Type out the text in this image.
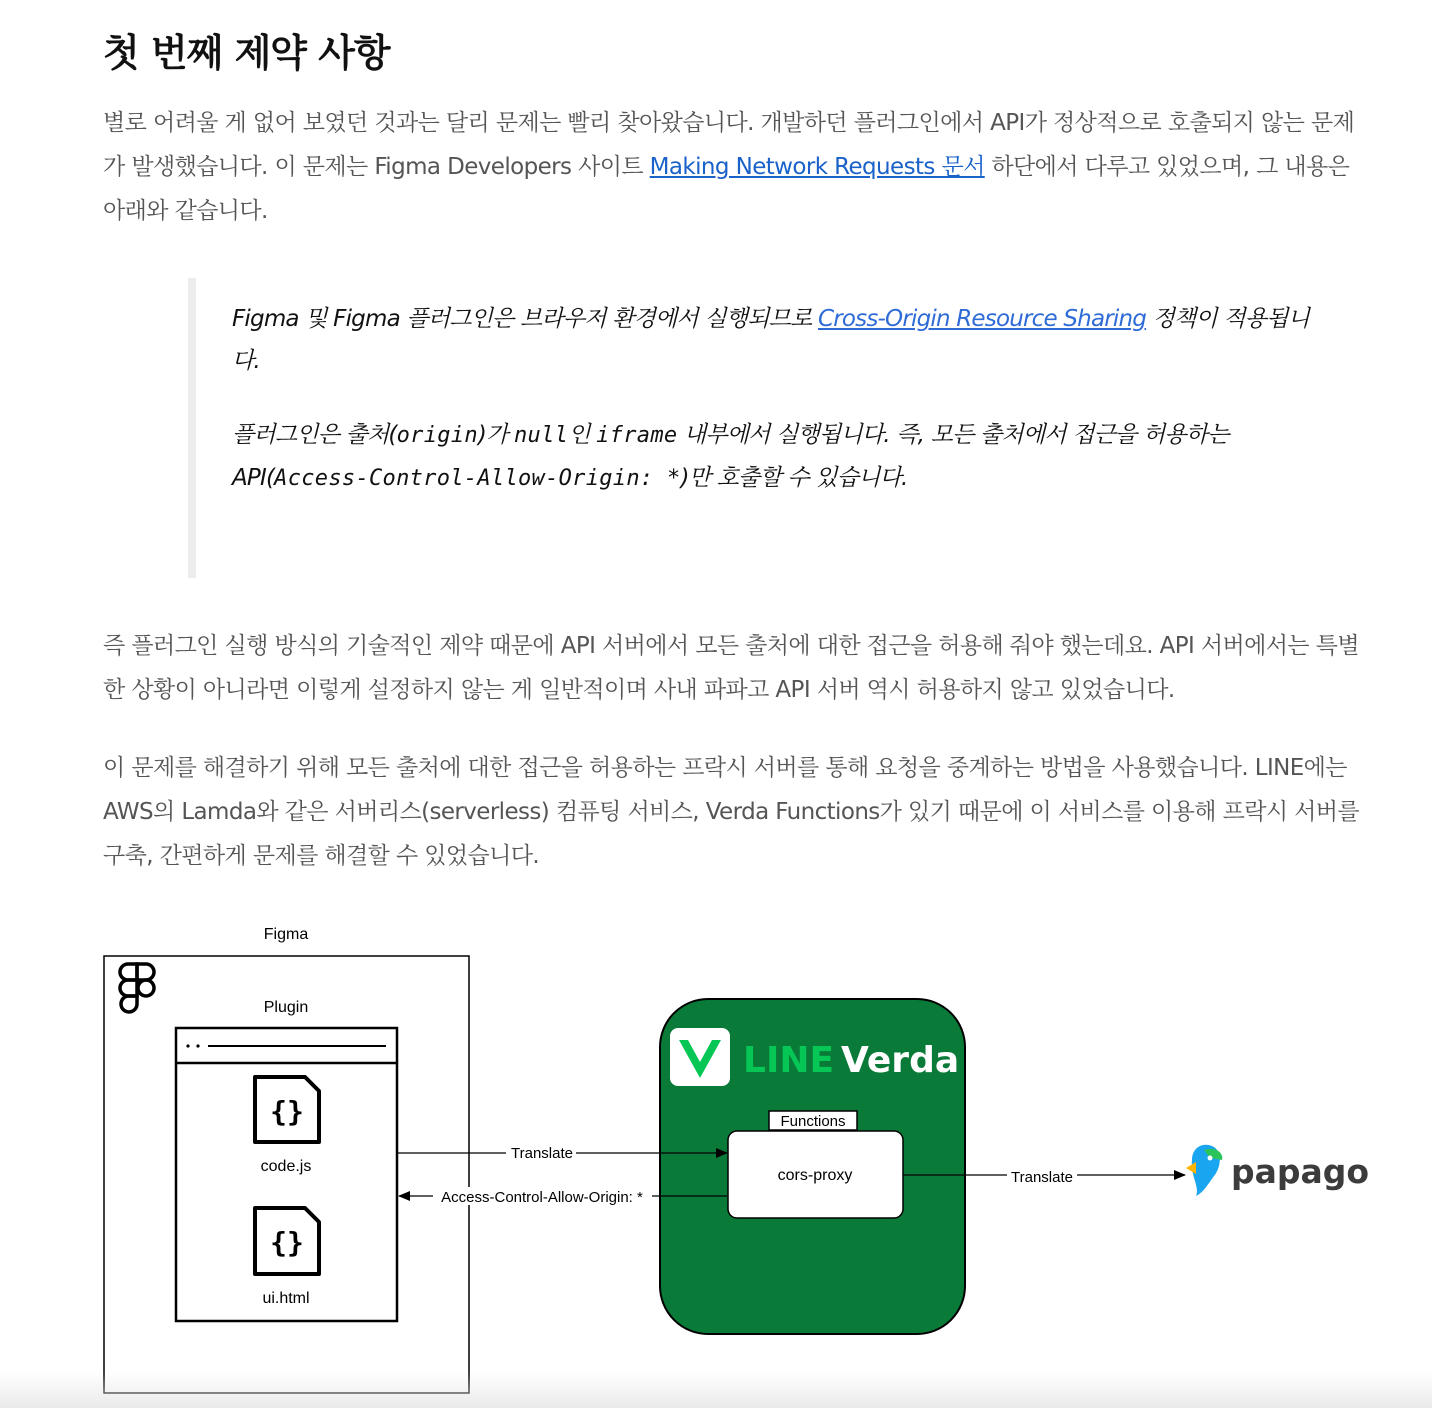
첫 번째 제약 사항

별로 어려울 게 없어 보였던 것과는 달리 문제는 빨리 찾아왔습니다. 개발하던 플러그인에서 API가 정상적으로 호출되지 않는 문제가 발생했습니다. 이 문제는 Figma Developers 사이트 Making Network Requests 문서 하단에서 다루고 있었으며, 그 내용은 아래와 같습니다.

Figma 및 Figma 플러그인은 브라우저 환경에서 실행되므로 Cross-Origin Resource Sharing 정책이 적용됩니다.

플러그인은 출처(origin)가 null인 iframe 내부에서 실행됩니다. 즉, 모든 출처에서 접근을 허용하는 API(Access-Control-Allow-Origin: *)만 호출할 수 있습니다.

즉 플러그인 실행 방식의 기술적인 제약 때문에 API 서버에서 모든 출처에 대한 접근을 허용해 줘야 했는데요. API 서버에서는 특별한 상황이 아니라면 이렇게 설정하지 않는 게 일반적이며 사내 파파고 API 서버 역시 허용하지 않고 있었습니다.

이 문제를 해결하기 위해 모든 출처에 대한 접근을 허용하는 프락시 서버를 통해 요청을 중계하는 방법을 사용했습니다. LINE에는 AWS의 Lamda와 같은 서버리스(serverless) 컴퓨팅 서비스, Verda Functions가 있기 때문에 이 서비스를 이용해 프락시 서버를 구축, 간편하게 문제를 해결할 수 있었습니다.

Figma
Plugin
{}
code.js
{}
ui.html
LINE Verda
Functions
cors-proxy
Translate
Access-Control-Allow-Origin: *
Translate	papago
